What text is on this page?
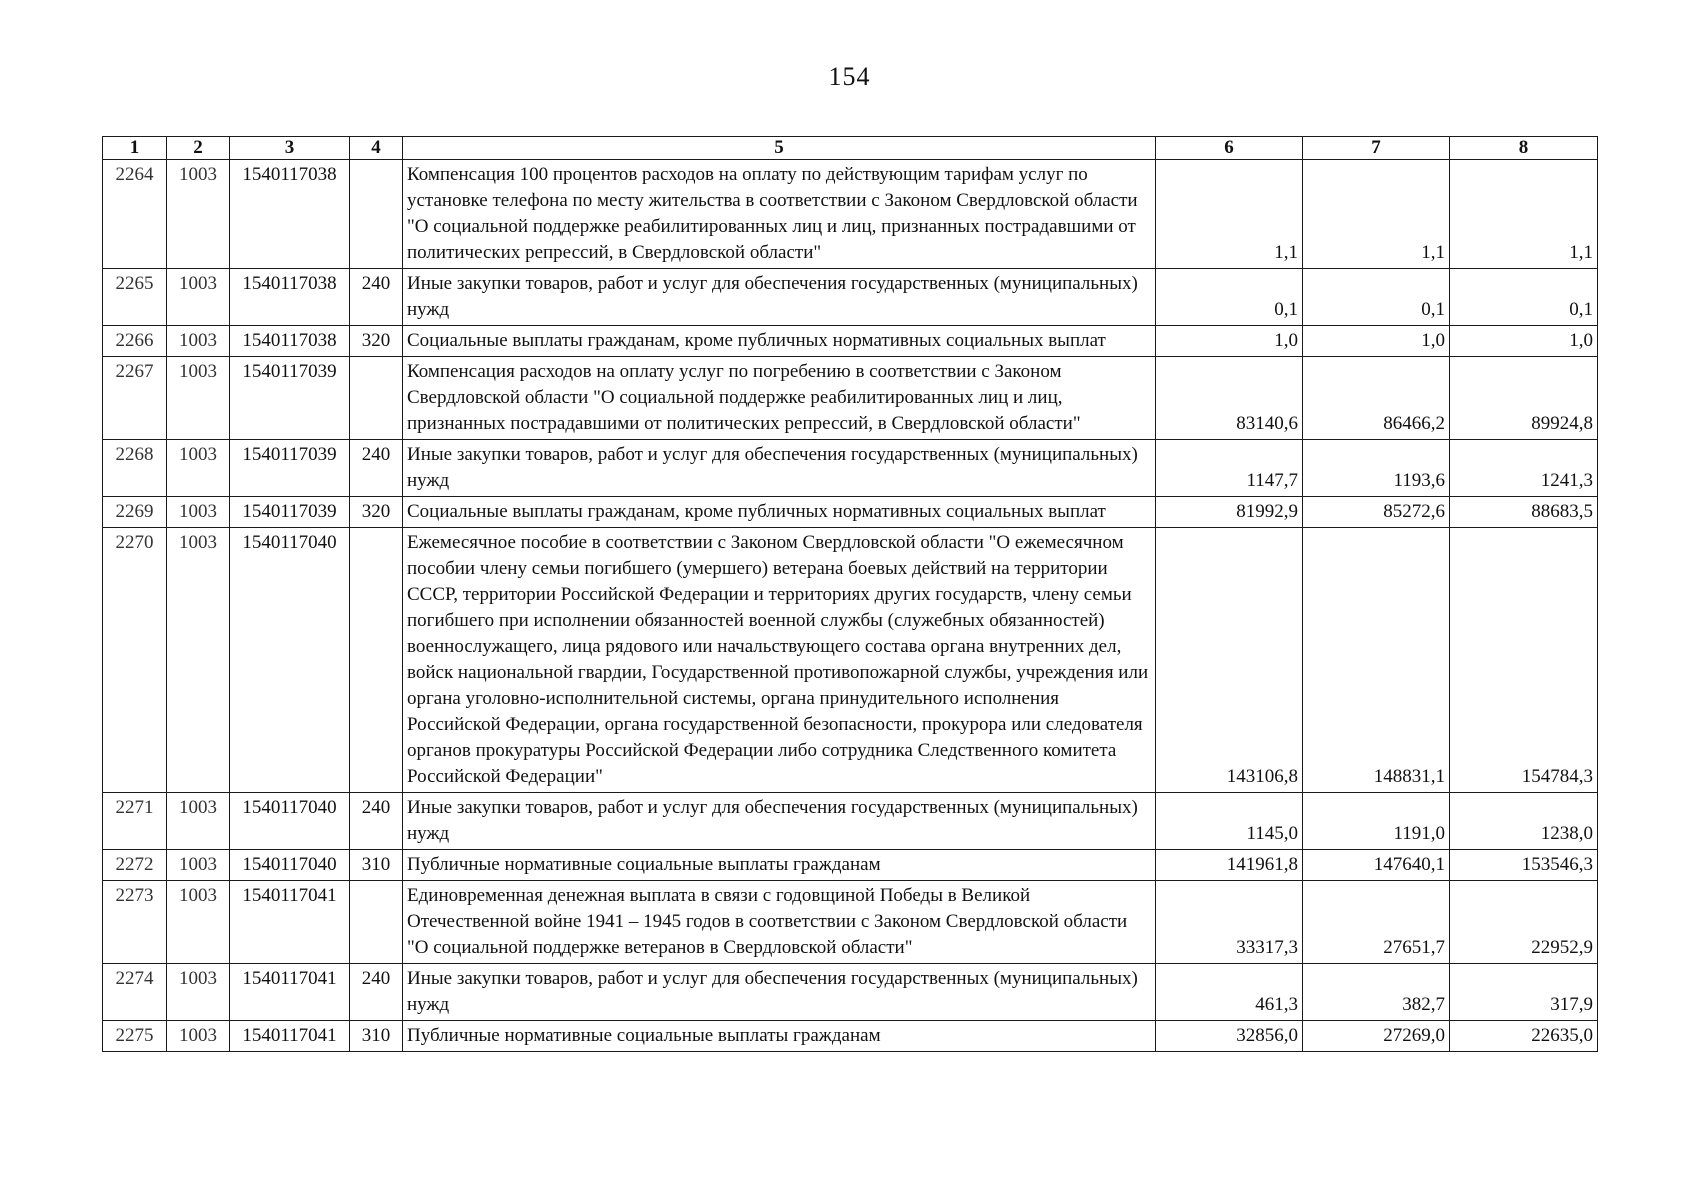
154
1	2	3	4	5	6	7	8
2264	1003	1540117038		Компенсация 100 процентов расходов на оплату по действующим тарифам услуг по установке телефона по месту жительства в соответствии с Законом Свердловской области "О социальной поддержке реабилитированных лиц и лиц, признанных пострадавшими от политических репрессий, в Свердловской области"	1,1	1,1	1,1
2265	1003	1540117038	240	Иные закупки товаров, работ и услуг для обеспечения государственных (муниципальных) нужд	0,1	0,1	0,1
2266	1003	1540117038	320	Социальные выплаты гражданам, кроме публичных нормативных социальных выплат	1,0	1,0	1,0
2267	1003	1540117039		Компенсация расходов на оплату услуг по погребению в соответствии с Законом Свердловской области "О социальной поддержке реабилитированных лиц и лиц, признанных пострадавшими от политических репрессий, в Свердловской области"	83140,6	86466,2	89924,8
2268	1003	1540117039	240	Иные закупки товаров, работ и услуг для обеспечения государственных (муниципальных) нужд	1147,7	1193,6	1241,3
2269	1003	1540117039	320	Социальные выплаты гражданам, кроме публичных нормативных социальных выплат	81992,9	85272,6	88683,5
2270	1003	1540117040		Ежемесячное пособие в соответствии с Законом Свердловской области "О ежемесячном пособии члену семьи погибшего (умершего) ветерана боевых действий на территории СССР, территории Российской Федерации и территориях других государств, члену семьи погибшего при исполнении обязанностей военной службы (служебных обязанностей) военнослужащего, лица рядового или начальствующего состава органа внутренних дел, войск национальной гвардии, Государственной противопожарной службы, учреждения или органа уголовно-исполнительной системы, органа принудительного исполнения Российской Федерации, органа государственной безопасности, прокурора или следователя органов прокуратуры Российской Федерации либо сотрудника Следственного комитета Российской Федерации"	143106,8	148831,1	154784,3
2271	1003	1540117040	240	Иные закупки товаров, работ и услуг для обеспечения государственных (муниципальных) нужд	1145,0	1191,0	1238,0
2272	1003	1540117040	310	Публичные нормативные социальные выплаты гражданам	141961,8	147640,1	153546,3
2273	1003	1540117041		Единовременная денежная выплата в связи с годовщиной Победы в Великой Отечественной войне 1941 – 1945 годов в соответствии с Законом Свердловской области "О социальной поддержке ветеранов в Свердловской области"	33317,3	27651,7	22952,9
2274	1003	1540117041	240	Иные закупки товаров, работ и услуг для обеспечения государственных (муниципальных) нужд	461,3	382,7	317,9
2275	1003	1540117041	310	Публичные нормативные социальные выплаты гражданам	32856,0	27269,0	22635,0
